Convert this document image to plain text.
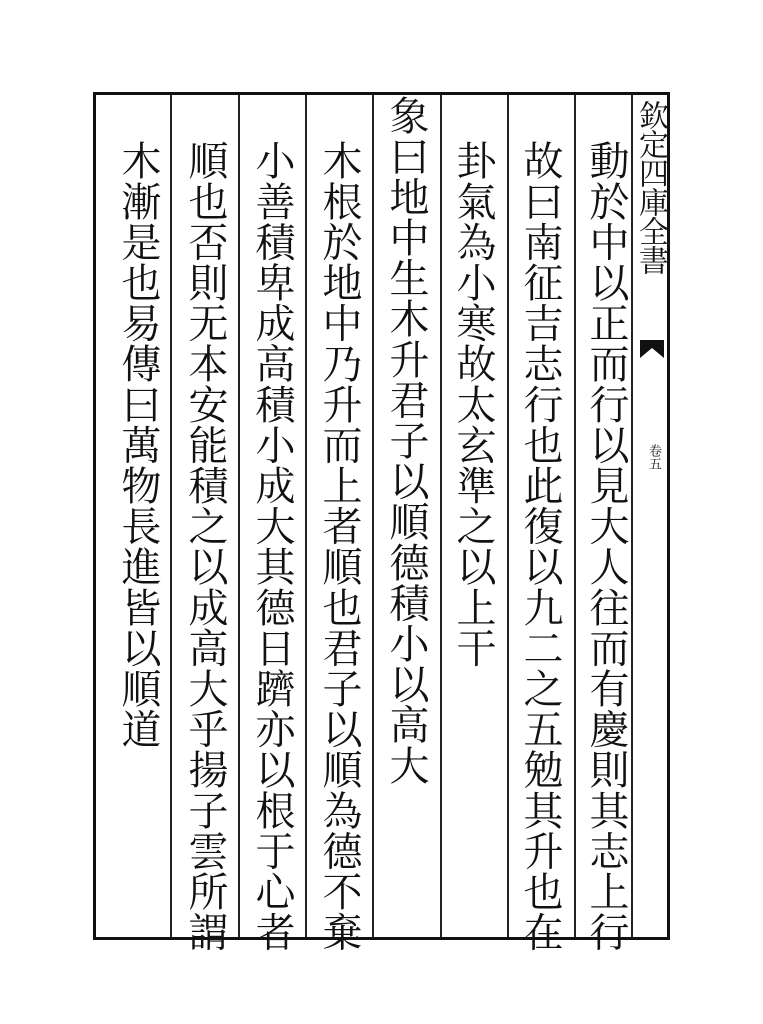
欽定四庫全書
卷五
動於中以正而行以見大人往而有慶則其志上行
故曰南征吉志行也此復以九二之五勉其升也在
卦氣為小寒故太玄準之以上干
象曰地中生木升君子以順德積小以高大
木根於地中乃升而上者順也君子以順為德不棄
小善積卑成高積小成大其德日躋亦以根于心者
順也否則无本安能積之以成高大乎揚子雲所謂
木漸是也易傳曰萬物長進皆以順道
